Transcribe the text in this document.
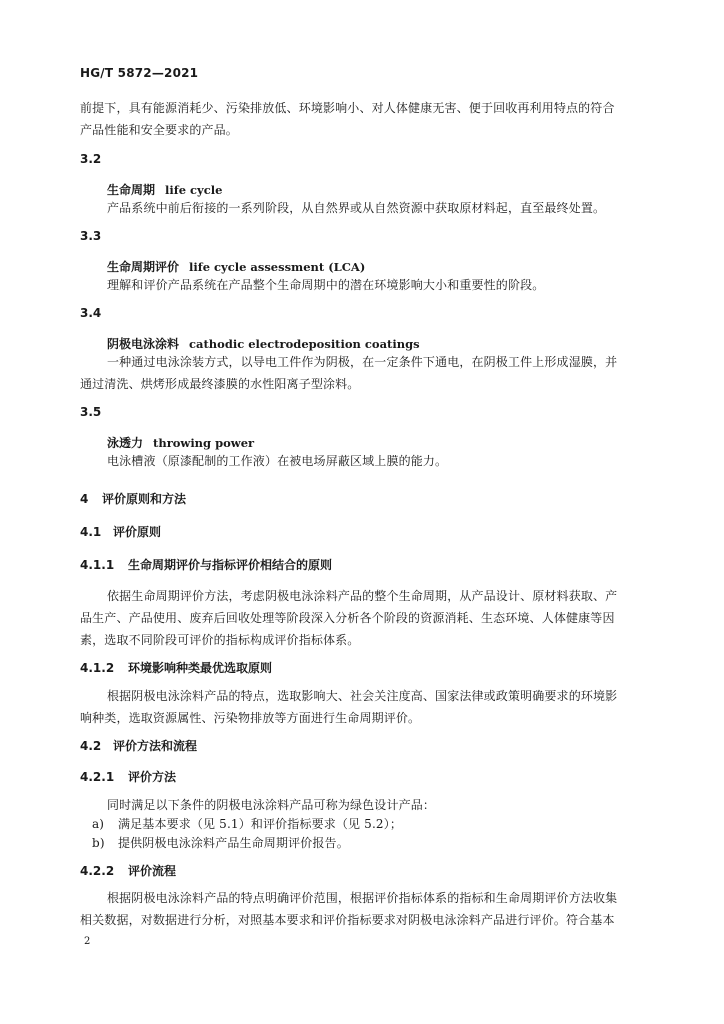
HG/T 5872—2021
前提下，具有能源消耗少、污染排放低、环境影响小、对人体健康无害、便于回收再利用特点的符合
产品性能和安全要求的产品。
3.2
生命周期 life cycle
产品系统中前后衔接的一系列阶段，从自然界或从自然资源中获取原材料起，直至最终处置。
3.3
生命周期评价 life cycle assessment (LCA)
理解和评价产品系统在产品整个生命周期中的潜在环境影响大小和重要性的阶段。
3.4
阴极电泳涂料 cathodic electrodeposition coatings
一种通过电泳涂装方式，以导电工件作为阴极，在一定条件下通电，在阴极工件上形成湿膜，并
通过清洗、烘烤形成最终漆膜的水性阳离子型涂料。
3.5
泳透力 throwing power
电泳槽液（原漆配制的工作液）在被电场屏蔽区域上膜的能力。
4 评价原则和方法
4.1 评价原则
4.1.1 生命周期评价与指标评价相结合的原则
依据生命周期评价方法，考虑阴极电泳涂料产品的整个生命周期，从产品设计、原材料获取、产
品生产、产品使用、废弃后回收处理等阶段深入分析各个阶段的资源消耗、生态环境、人体健康等因
素，选取不同阶段可评价的指标构成评价指标体系。
4.1.2 环境影响种类最优选取原则
根据阴极电泳涂料产品的特点，选取影响大、社会关注度高、国家法律或政策明确要求的环境影
响种类，选取资源属性、污染物排放等方面进行生命周期评价。
4.2 评价方法和流程
4.2.1 评价方法
同时满足以下条件的阴极电泳涂料产品可称为绿色设计产品：
a) 满足基本要求（见 5.1）和评价指标要求（见 5.2）；
b) 提供阴极电泳涂料产品生命周期评价报告。
4.2.2 评价流程
根据阴极电泳涂料产品的特点明确评价范围，根据评价指标体系的指标和生命周期评价方法收集
相关数据，对数据进行分析，对照基本要求和评价指标要求对阴极电泳涂料产品进行评价。符合基本
2
